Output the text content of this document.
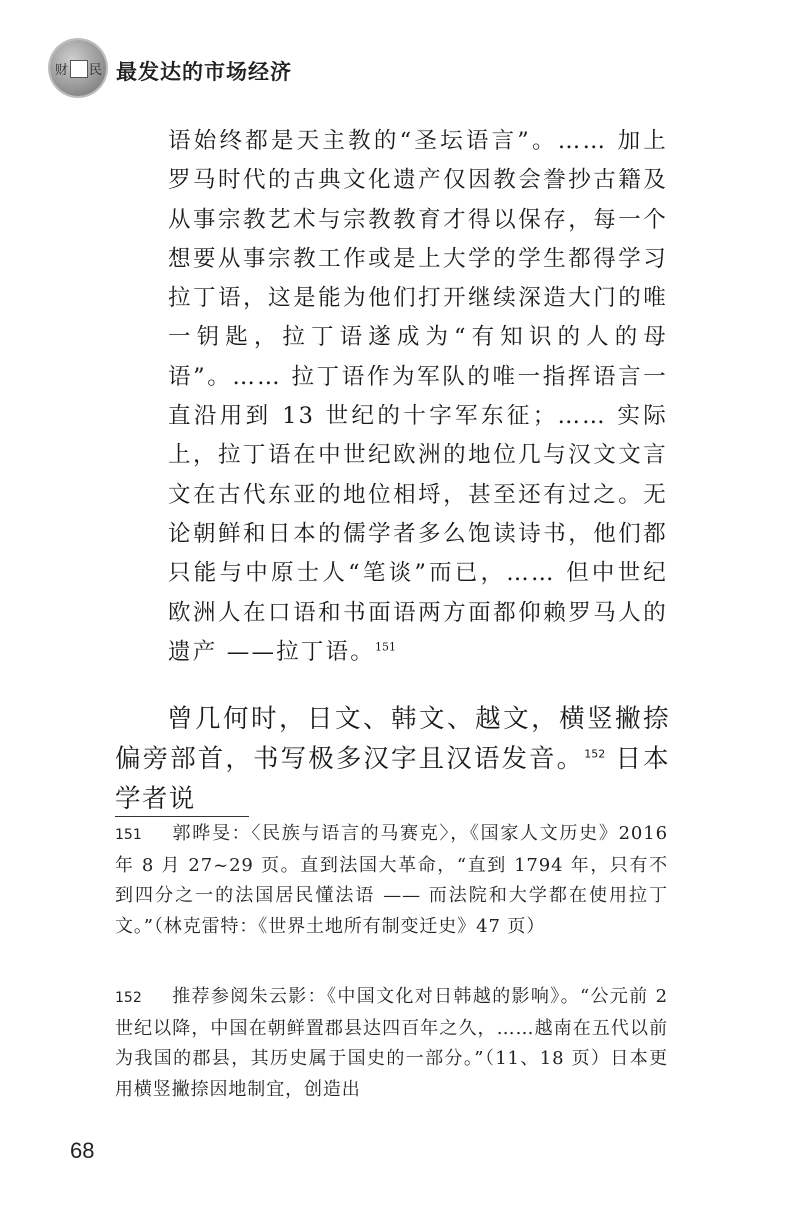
财 民 最发达的市场经济

语始终都是天主教的“圣坛语言”。…… 加上罗马时代的古典文化遗产仅因教会誊抄古籍及从事宗教艺术与宗教教育才得以保存，每一个想要从事宗教工作或是上大学的学生都得学习拉丁语，这是能为他们打开继续深造大门的唯一钥匙，拉丁语遂成为“有知识的人的母语”。…… 拉丁语作为军队的唯一指挥语言一直沿用到 13 世纪的十字军东征；…… 实际上，拉丁语在中世纪欧洲的地位几与汉文文言文在古代东亚的地位相埒，甚至还有过之。无论朝鲜和日本的儒学者多么饱读诗书，他们都只能与中原士人“笔谈”而已，…… 但中世纪欧洲人在口语和书面语两方面都仰赖罗马人的遗产 ——拉丁语。$^{151}$

曾几何时，日文、韩文、越文，横竖撇捺偏旁部首，书写极多汉字且汉语发音。$^{152}$ 日本学者说

151 郭晔旻：〈民族与语言的马赛克〉，《国家人文历史》2016 年 8 月 27~29 页。直到法国大革命，“直到 1794 年，只有不到四分之一的法国居民懂法语 —— 而法院和大学都在使用拉丁文。”（林克雷特：《世界土地所有制变迁史》47 页）

152 推荐参阅朱云影：《中国文化对日韩越的影响》。“公元前 2 世纪以降，中国在朝鲜置郡县达四百年之久，……越南在五代以前为我国的郡县，其历史属于国史的一部分。”（11、18 页）日本更用横竖撇捺因地制宜，创造出

68
